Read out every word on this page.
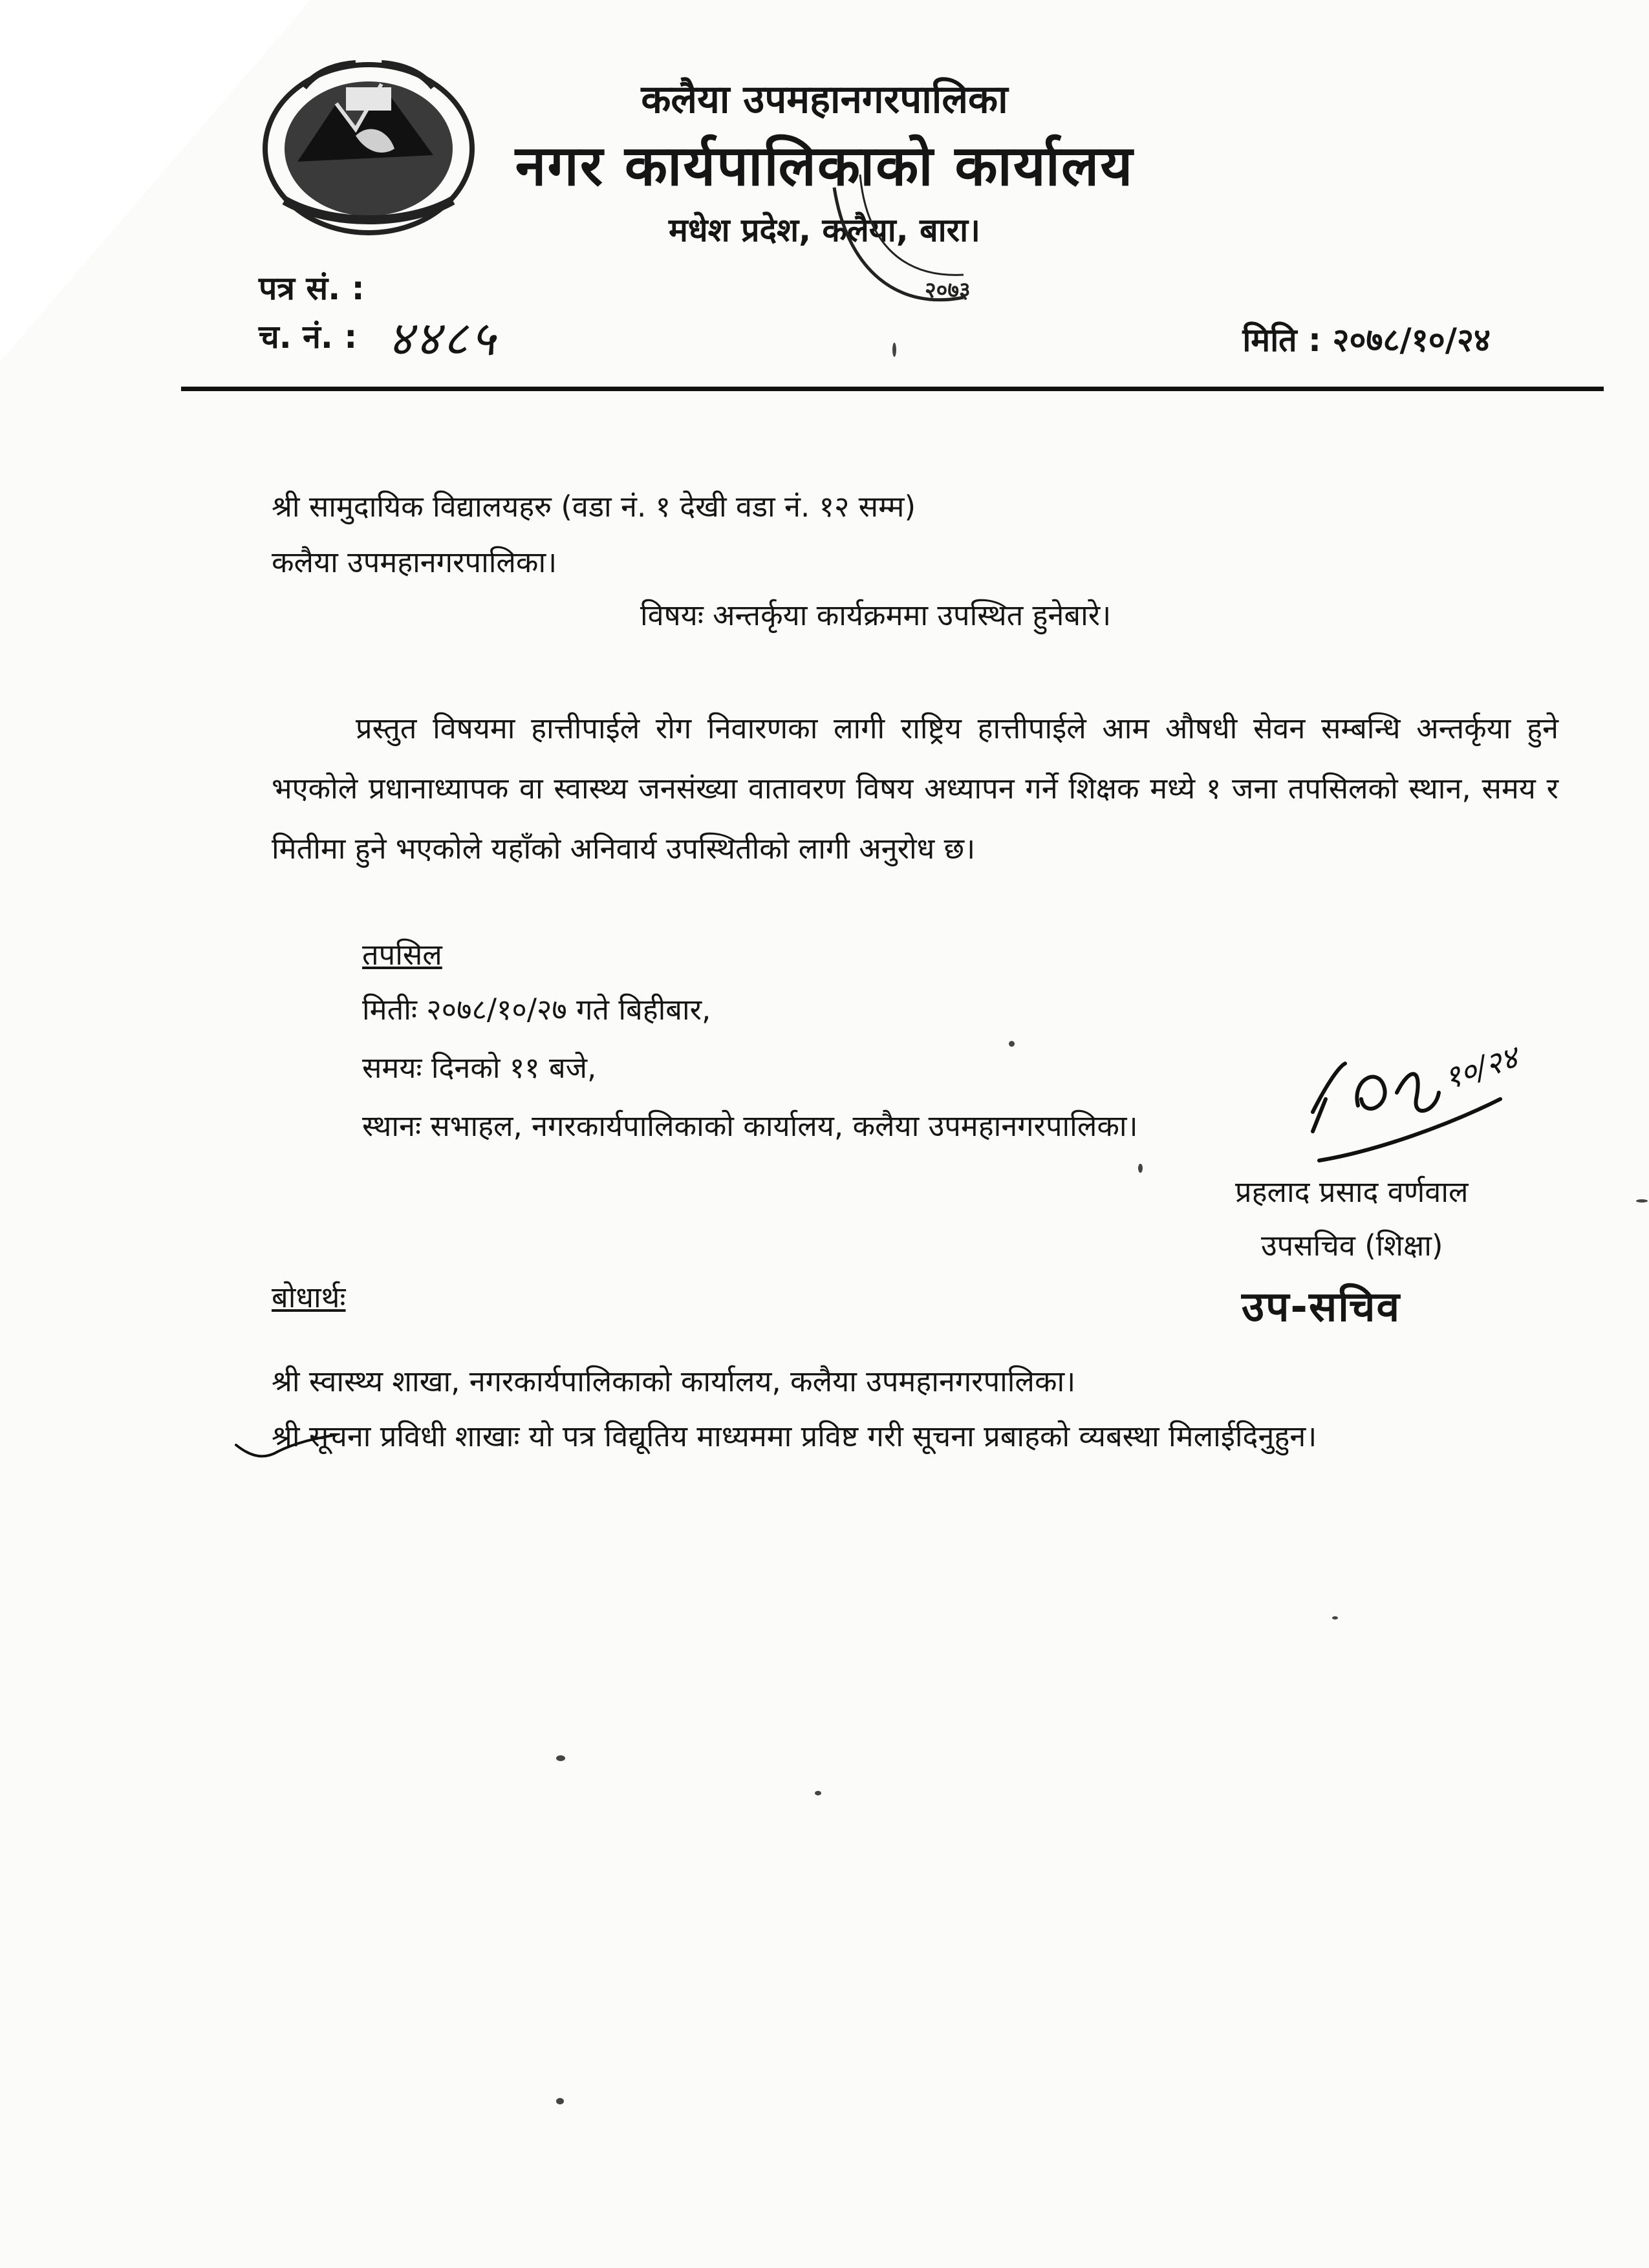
कलैया उपमहानगरपालिका
नगर कार्यपालिकाको कार्यालय
मधेश प्रदेश, कलैया, बारा।
२०७३
पत्र सं. :
च. नं. : ४४८५	मिति : २०७८/१०/२४
श्री सामुदायिक विद्यालयहरु (वडा नं. १ देखी वडा नं. १२ सम्म)
कलैया उपमहानगरपालिका।
विषयः अन्तर्कृया कार्यक्रममा उपस्थित हुनेबारे।
प्रस्तुत विषयमा हात्तीपाईले रोग निवारणका लागी राष्ट्रिय हात्तीपाईले आम औषधी सेवन सम्बन्धि अन्तर्कृया हुने भएकोले प्रधानाध्यापक वा स्वास्थ्य जनसंख्या वातावरण विषय अध्यापन गर्ने शिक्षक मध्ये १ जना तपसिलको स्थान, समय र मितीमा हुने भएकोले यहाँको अनिवार्य उपस्थितीको लागी अनुरोध छ।
तपसिल
मितीः २०७८/१०/२७ गते बिहीबार,
समयः दिनको ११ बजे,
स्थानः सभाहल, नगरकार्यपालिकाको कार्यालय, कलैया उपमहानगरपालिका।
१०/२४
प्रहलाद प्रसाद वर्णवाल
उपसचिव (शिक्षा)
उप-सचिव
बोधार्थः
श्री स्वास्थ्य शाखा, नगरकार्यपालिकाको कार्यालय, कलैया उपमहानगरपालिका।
श्री सूचना प्रविधी शाखाः यो पत्र विद्यूतिय माध्यममा प्रविष्ट गरी सूचना प्रबाहको व्यबस्था मिलाईदिनुहुन।
